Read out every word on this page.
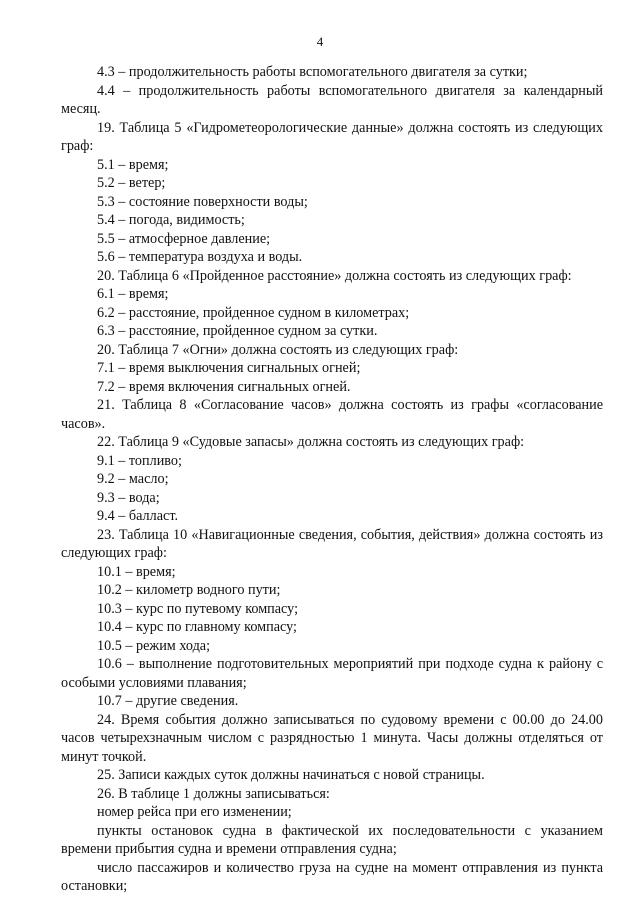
4

4.3 – продолжительность работы вспомогательного двигателя за сутки;

4.4 – продолжительность работы вспомогательного двигателя за календарный месяц.

19. Таблица 5 «Гидрометеорологические данные» должна состоять из следующих граф:

5.1 – время;

5.2 – ветер;

5.3 – состояние поверхности воды;

5.4 – погода, видимость;

5.5 – атмосферное давление;

5.6 – температура воздуха и воды.

20. Таблица 6 «Пройденное расстояние» должна состоять из следующих граф:

6.1 – время;

6.2 – расстояние, пройденное судном в километрах;

6.3 – расстояние, пройденное судном за сутки.

20. Таблица 7 «Огни» должна состоять из следующих граф:

7.1 – время выключения сигнальных огней;

7.2 – время включения сигнальных огней.

21. Таблица 8 «Согласование часов» должна состоять из графы «согласование часов».

22. Таблица 9 «Судовые запасы» должна состоять из следующих граф:

9.1 – топливо;

9.2 – масло;

9.3 – вода;

9.4 – балласт.

23. Таблица 10 «Навигационные сведения, события, действия» должна состоять из следующих граф:

10.1 – время;

10.2 – километр водного пути;

10.3 – курс по путевому компасу;

10.4 – курс по главному компасу;

10.5 – режим хода;

10.6 – выполнение подготовительных мероприятий при подходе судна к району с особыми условиями плавания;

10.7 – другие сведения.

24. Время события должно записываться по судовому времени с 00.00 до 24.00 часов четырехзначным числом с разрядностью 1 минута. Часы должны отделяться от минут точкой.

25. Записи каждых суток должны начинаться с новой страницы.

26. В таблице 1 должны записываться:

номер рейса при его изменении;

пункты остановок судна в фактической их последовательности с указанием времени прибытия судна и времени отправления судна;

число пассажиров и количество груза на судне на момент отправления из пункта остановки;
